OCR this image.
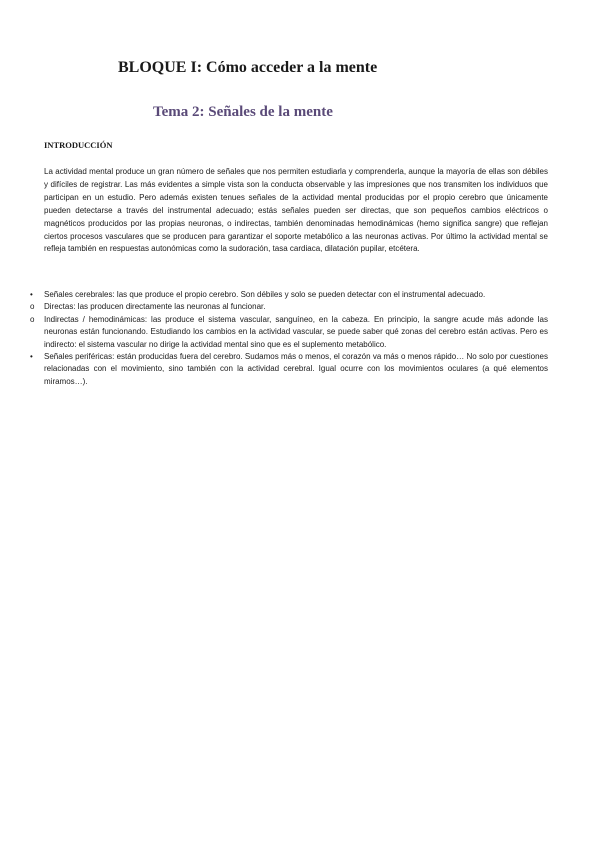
BLOQUE I: Cómo acceder a la mente
Tema 2: Señales de la mente
INTRODUCCIÓN

La actividad mental produce un gran número de señales que nos permiten estudiarla y comprenderla, aunque la mayoría de ellas son débiles y difíciles de registrar. Las más evidentes a simple vista son la conducta observable y las impresiones que nos transmiten los individuos que participan en un estudio. Pero además existen tenues señales de la actividad mental producidas por el propio cerebro que únicamente pueden detectarse a través del instrumental adecuado; estás señales pueden ser directas, que son pequeños cambios eléctricos o magnéticos producidos por las propias neuronas, o indirectas, también denominadas hemodinámicas (hemo significa sangre) que reflejan ciertos procesos vasculares que se producen para garantizar el soporte metabólico a las neuronas activas. Por último la actividad mental se refleja también en respuestas autonómicas como la sudoración, tasa cardiaca, dilatación pupilar, etcétera.

•	Señales cerebrales: las que produce el propio cerebro. Son débiles y solo se pueden detectar con el instrumental adecuado.
o	Directas: las producen directamente las neuronas al funcionar.
o	Indirectas / hemodinámicas: las produce el sistema vascular, sanguíneo, en la cabeza. En principio, la sangre acude más adonde las neuronas están funcionando. Estudiando los cambios en la actividad vascular, se puede saber qué zonas del cerebro están activas. Pero es indirecto: el sistema vascular no dirige la actividad mental sino que es el suplemento metabólico.
•	Señales periféricas: están producidas fuera del cerebro. Sudamos más o menos, el corazón va más o menos rápido… No solo por cuestiones relacionadas con el movimiento, sino también con la actividad cerebral. Igual ocurre con los movimientos oculares (a qué elementos miramos…).
